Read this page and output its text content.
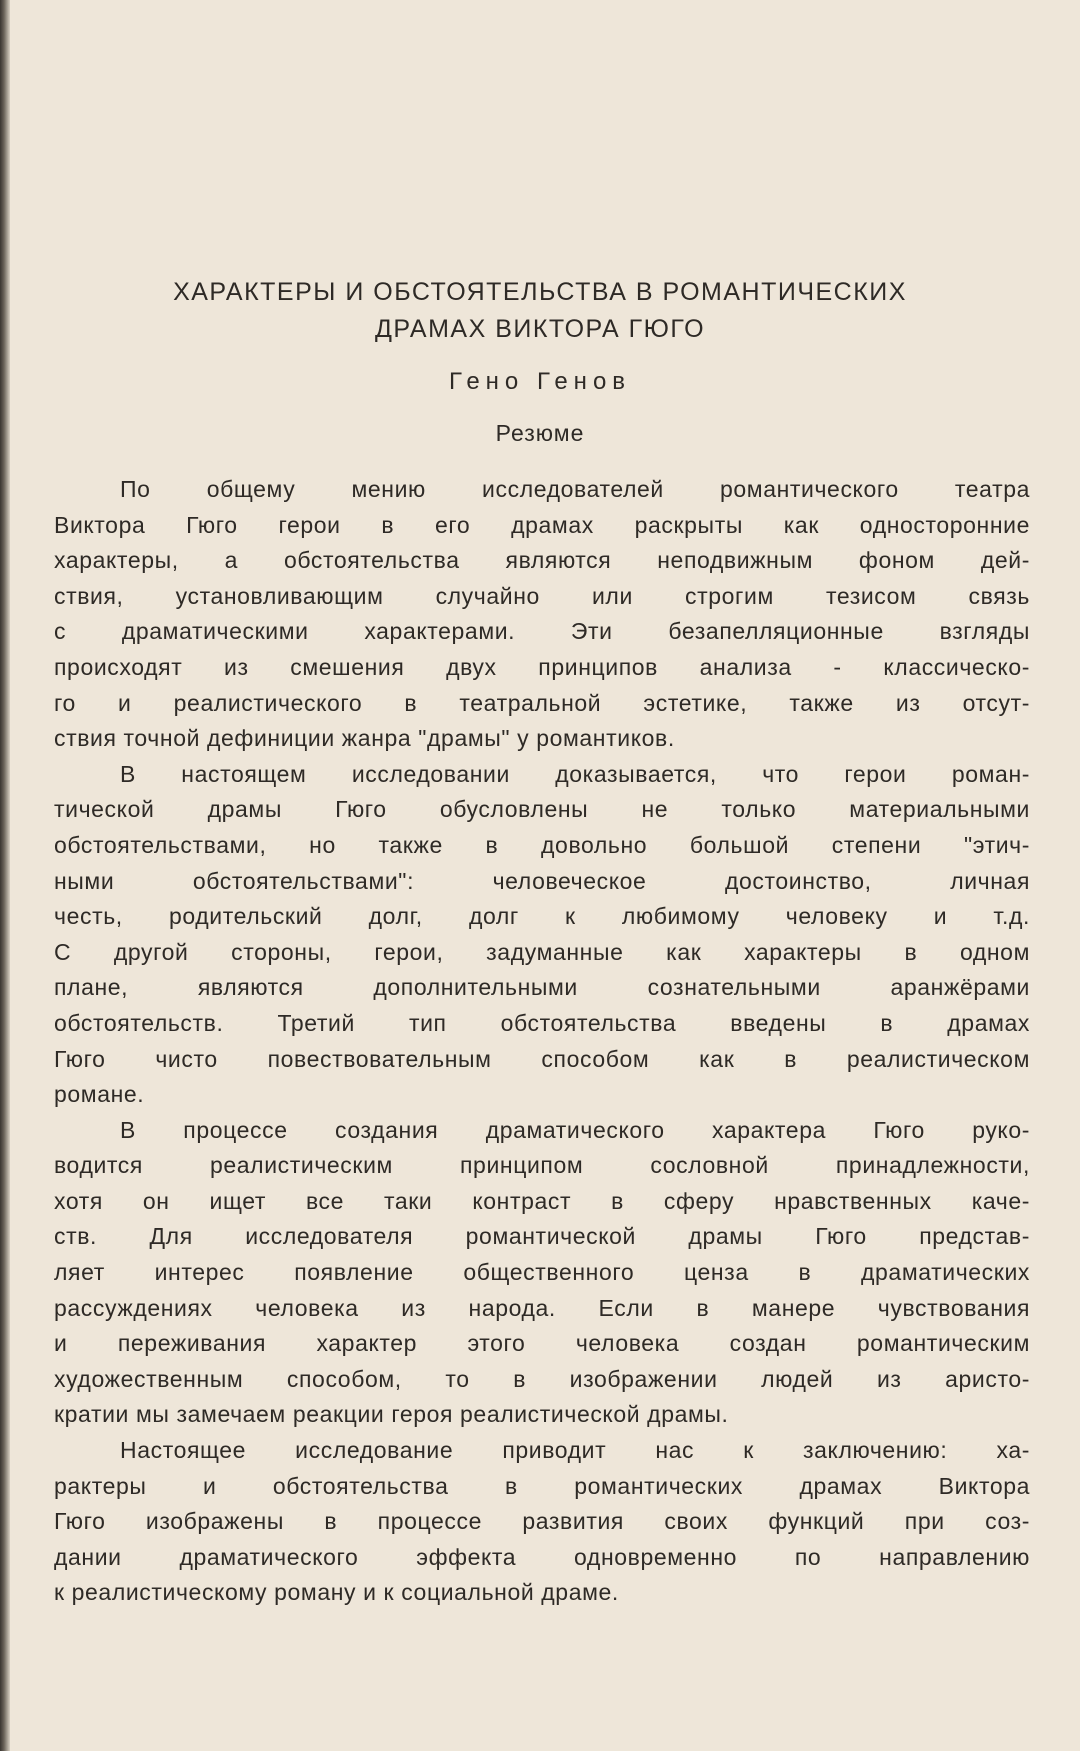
ХАРАКТЕРЫ И ОБСТОЯТЕЛЬСТВА В РОМАНТИЧЕСКИХ
ДРАМАХ ВИКТОРА ГЮГО
Гено Генов
Резюме
По общему мению исследователей романтического театра
Виктора Гюго герои в его драмах раскрыты как односторонние
характеры, а обстоятельства являются неподвижным фоном дей-
ствия, установливающим случайно или строгим тезисом связь
с драматическими характерами. Эти безапелляционные взгляды
происходят из смешения двух принципов анализа - классическо-
го и реалистического в театральной эстетике, также из отсут-
ствия точной дефиниции жанра "драмы" у романтиков.
В настоящем исследовании доказывается, что герои роман-
тической драмы Гюго обусловлены не только материальными
обстоятельствами, но также в довольно большой степени "этич-
ными обстоятельствами": человеческое достоинство, личная
честь, родительский долг, долг к любимому человеку и т.д.
С другой стороны, герои, задуманные как характеры в одном
плане, являются дополнительными сознательными аранжёрами
обстоятельств. Третий тип обстоятельства введены в драмах
Гюго чисто повествовательным способом как в реалистическом
романе.
В процессе создания драматического характера Гюго руко-
водится реалистическим принципом сословной принадлежности,
хотя он ищет все таки контраст в сферу нравственных каче-
ств. Для исследователя романтической драмы Гюго представ-
ляет интерес появление общественного ценза в драматических
рассуждениях человека из народа. Если в манере чувствования
и переживания характер этого человека создан романтическим
художественным способом, то в изображении людей из аристо-
кратии мы замечаем реакции героя реалистической драмы.
Настоящее исследование приводит нас к заключению: ха-
рактеры и обстоятельства в романтических драмах Виктора
Гюго изображены в процессе развития своих функций при соз-
дании драматического эффекта одновременно по направлению
к реалистическому роману и к социальной драме.
